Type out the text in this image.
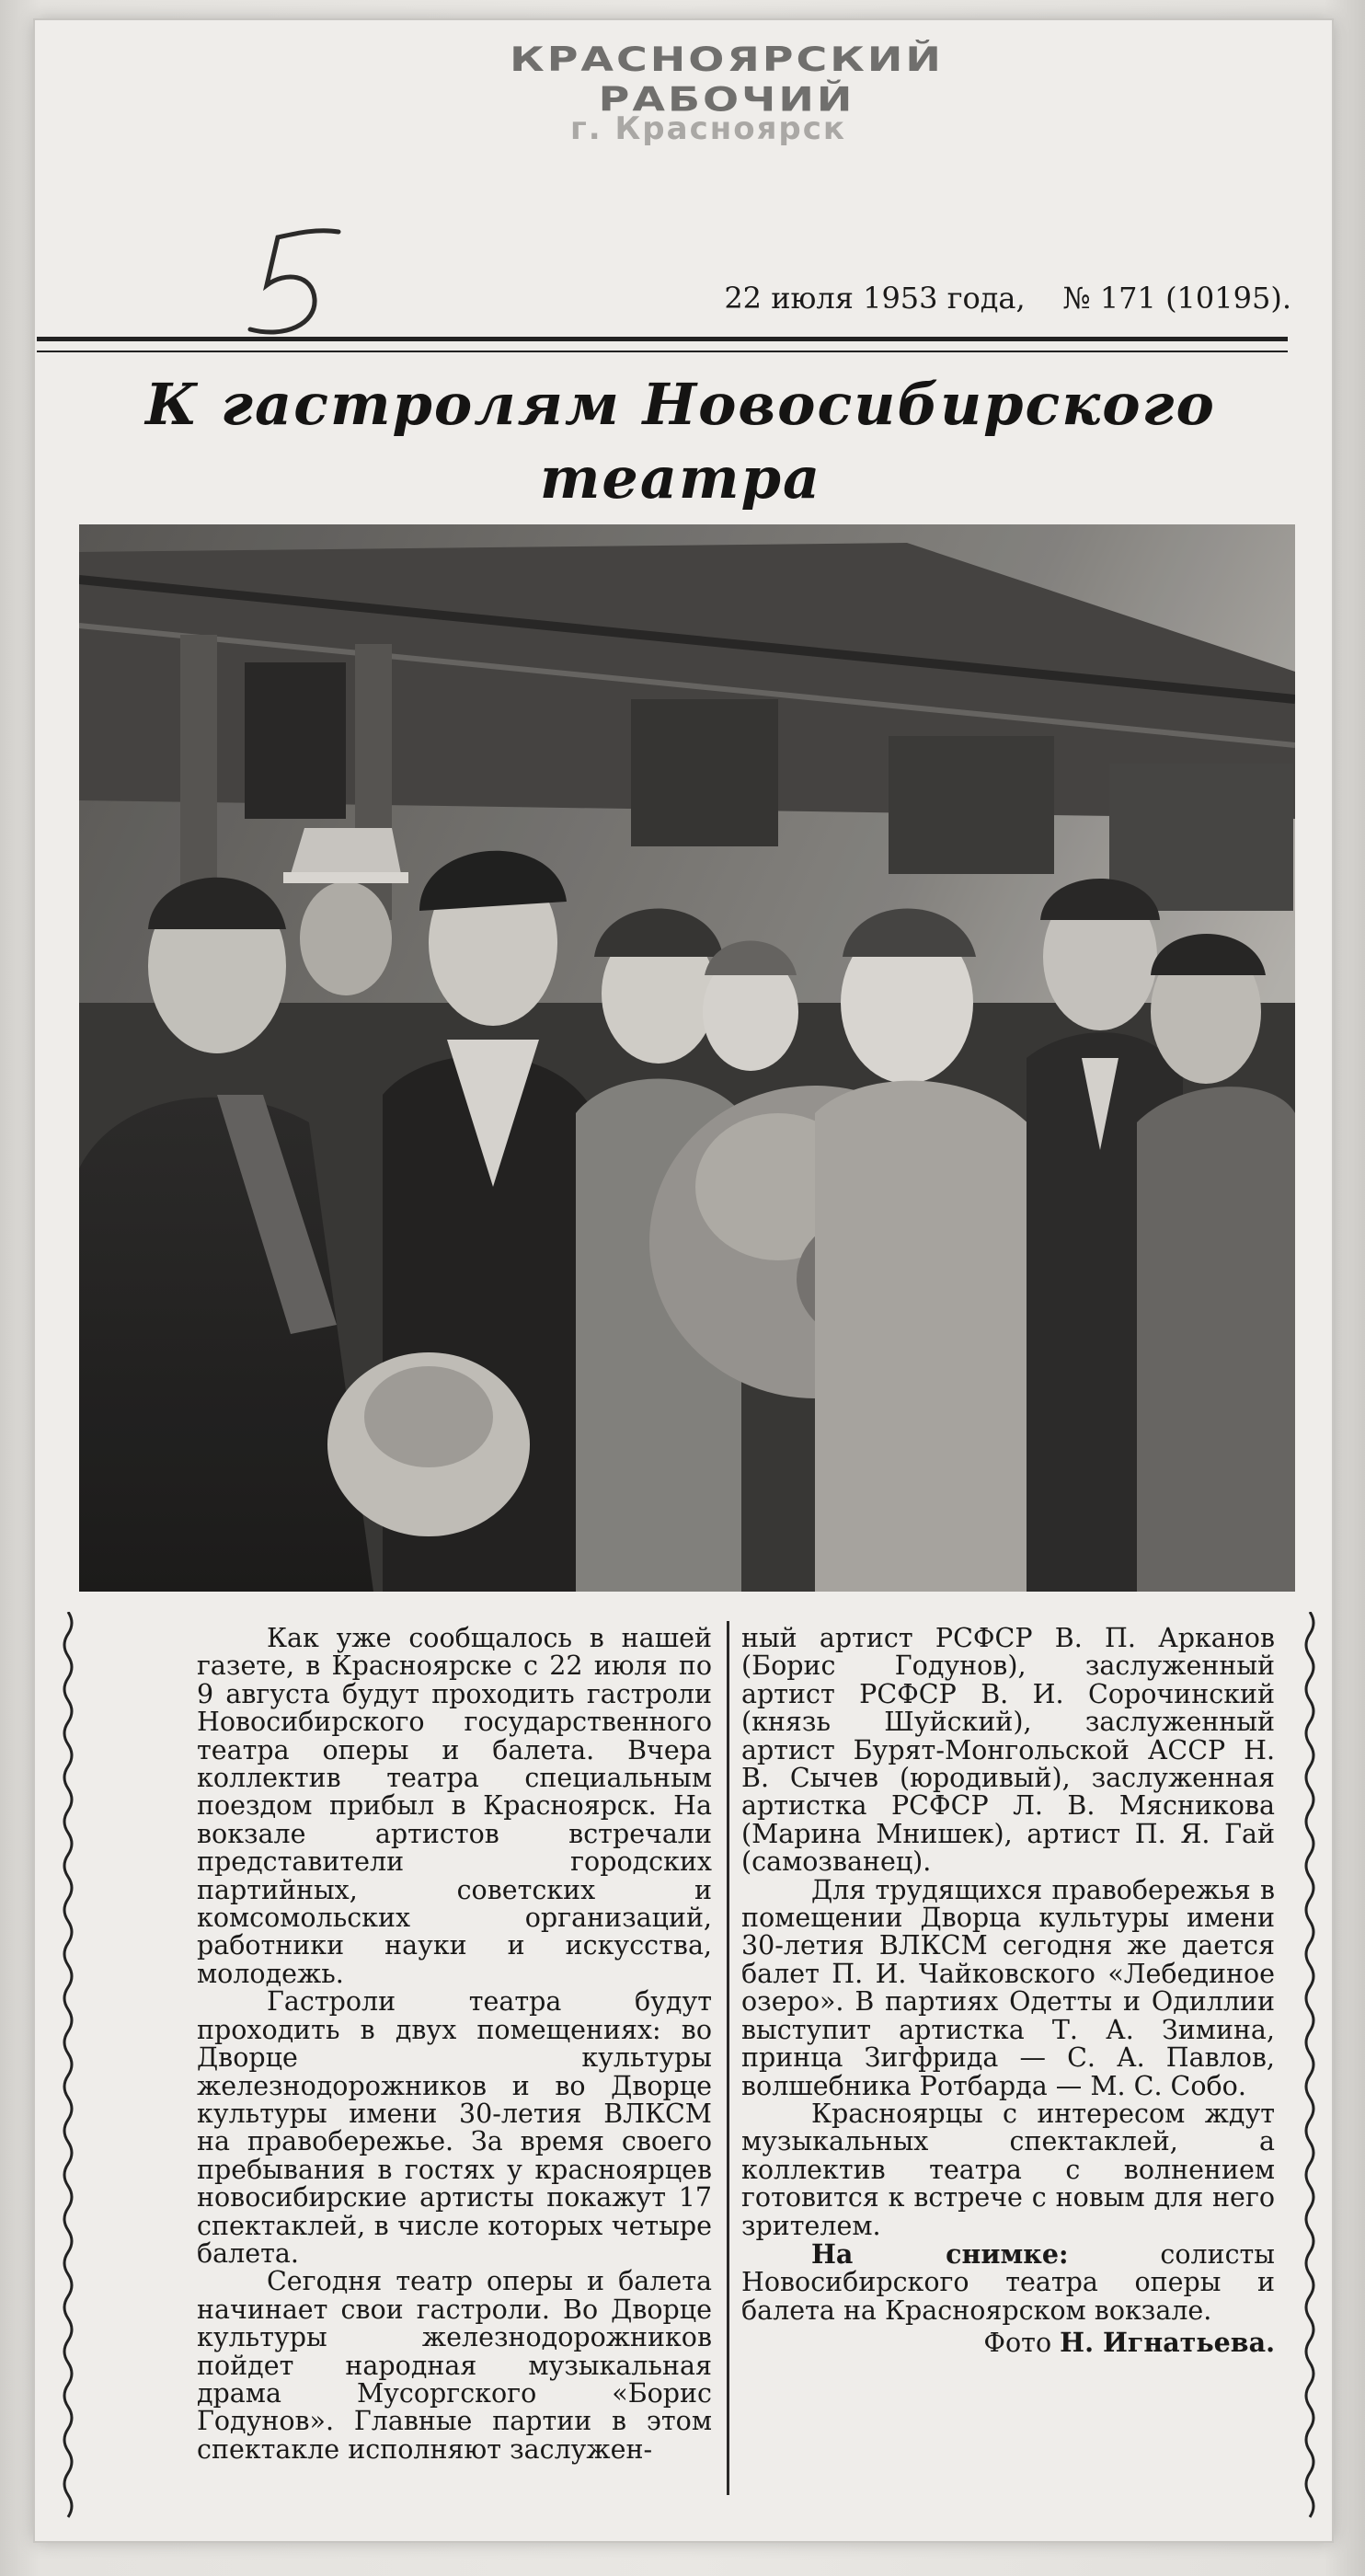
КРАСНОЯРСКИЙ РАБОЧИЙ
г. Красноярск
22 июля 1953 года, № 171 (10195).
К гастролям Новосибирского театра

Как уже сообщалось в нашей газете, в Красноярске с 22 июля по 9 августа будут проходить гастроли Новосибирского государственного театра оперы и балета. Вчера коллектив театра специальным поездом прибыл в Красноярск. На вокзале артистов встречали представители городских партийных, советских и комсомольских организаций, работники науки и искусства, молодежь.

Гастроли театра будут проходить в двух помещениях: во Дворце культуры железнодорожников и во Дворце культуры имени 30-летия ВЛКСМ на правобережье. За время своего пребывания в гостях у красноярцев новосибирские артисты покажут 17 спектаклей, в числе которых четыре балета.

Сегодня театр оперы и балета начинает свои гастроли. Во Дворце культуры железнодорожников пойдет народная музыкальная драма Мусоргского «Борис Годунов». Главные партии в этом спектакле исполняют заслужен-

ный артист РСФСР В. П. Арканов (Борис Годунов), заслуженный артист РСФСР В. И. Сорочинский (князь Шуйский), заслуженный артист Бурят-Монгольской АССР Н. В. Сычев (юродивый), заслуженная артистка РСФСР Л. В. Мясникова (Марина Мнишек), артист П. Я. Гай (самозванец).

Для трудящихся правобережья в помещении Дворца культуры имени 30-летия ВЛКСМ сегодня же дается балет П. И. Чайковского «Лебединое озеро». В партиях Одетты и Одиллии выступит артистка Т. А. Зимина, принца Зигфрида — С. А. Павлов, волшебника Ротбарда — М. С. Собо.

Красноярцы с интересом ждут музыкальных спектаклей, а коллектив театра с волнением готовится к встрече с новым для него зрителем.

На снимке:	солисты Новосибирского театра оперы и балета на Красноярском вокзале.

Фото Н. Игнатьева.
